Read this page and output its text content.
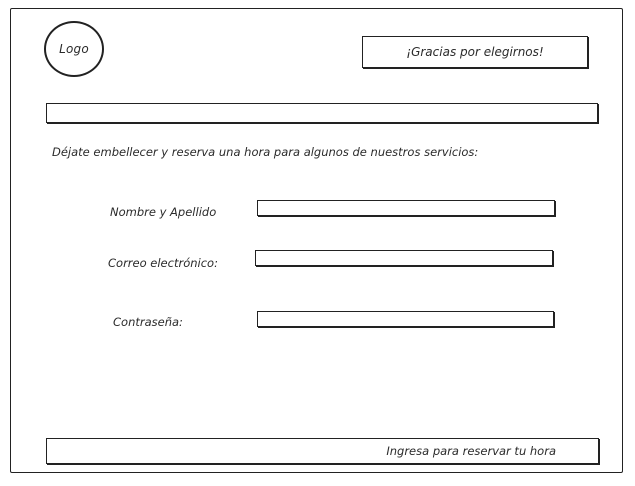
Logo	¡Gracias por elegirnos!
Déjate embellecer y reserva una hora para algunos de nuestros servicios:
Nombre y Apellido
Correo electrónico:
Contraseña:
Ingresa para reservar tu hora
